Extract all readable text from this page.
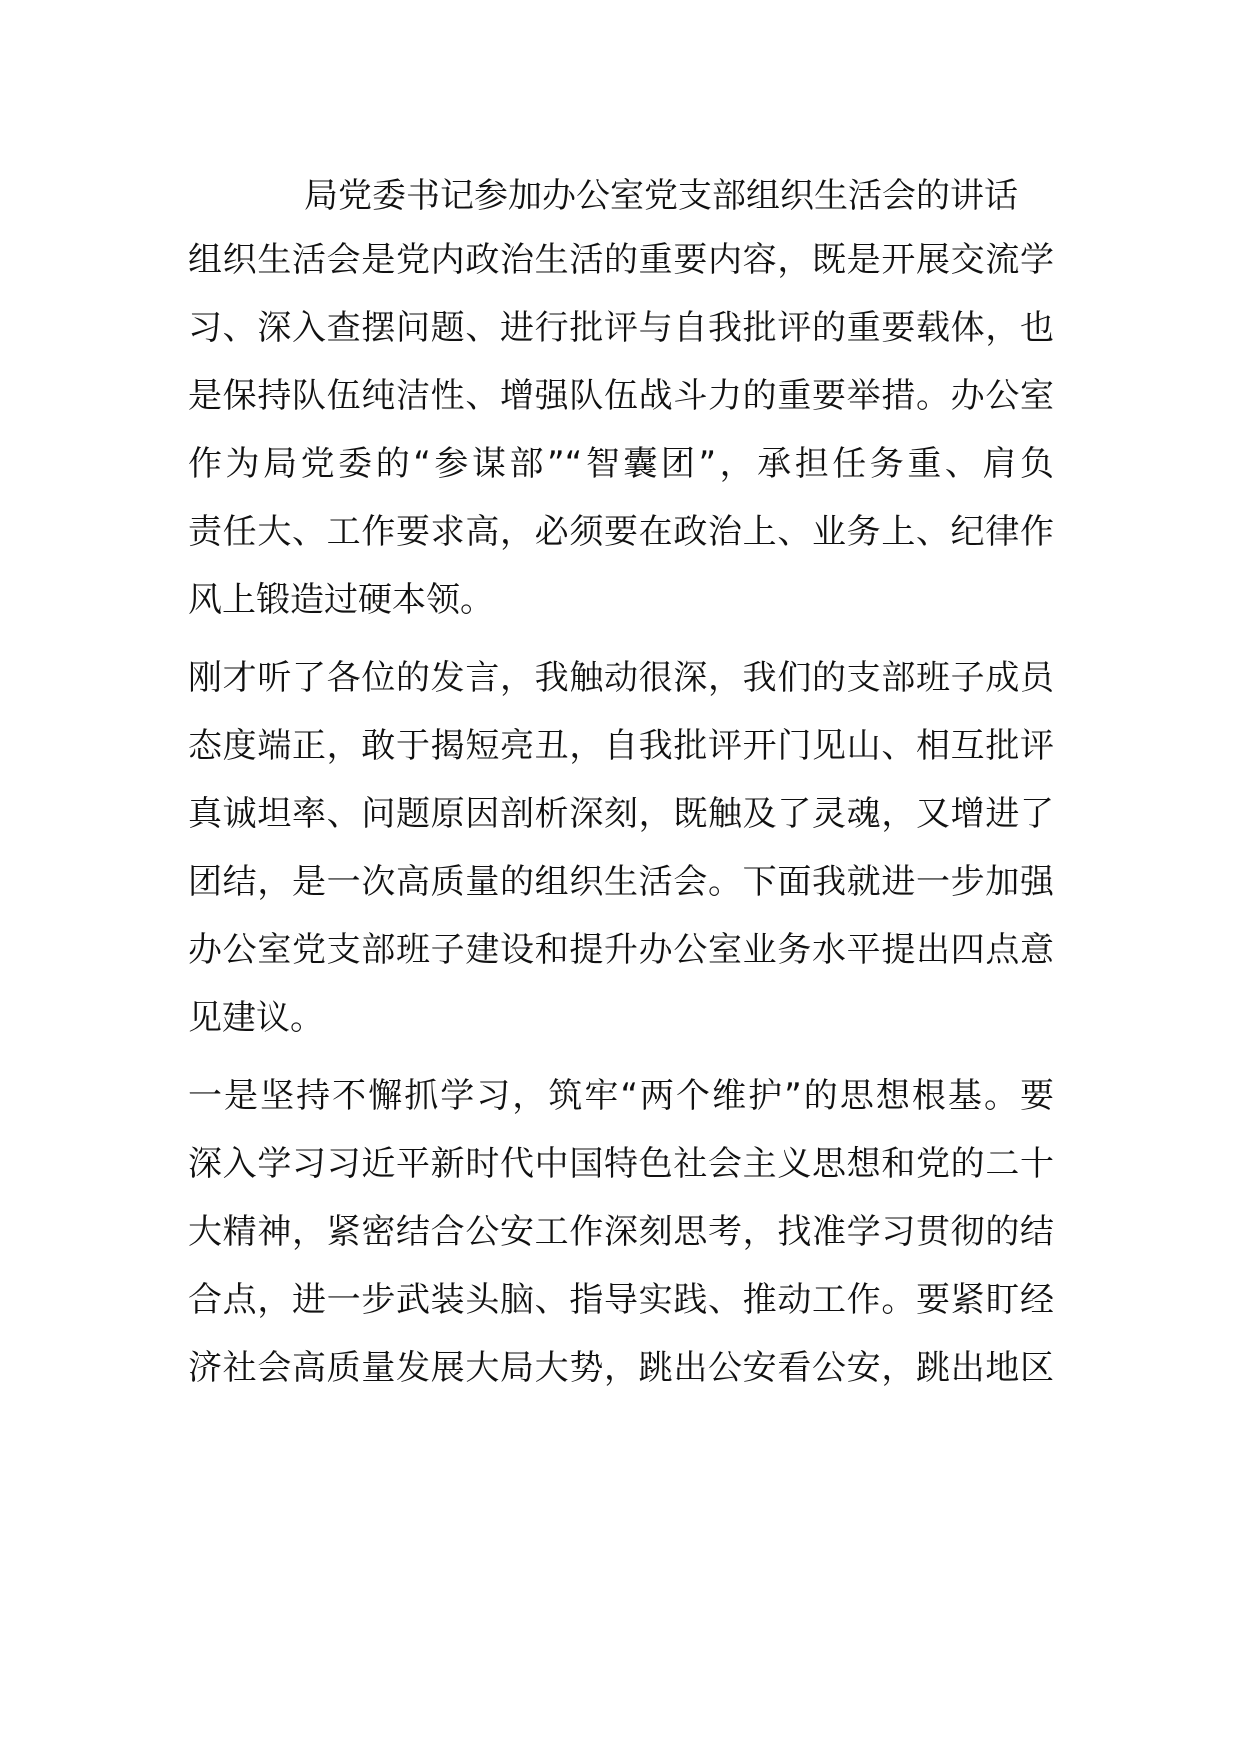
局党委书记参加办公室党支部组织生活会的讲话
组织生活会是党内政治生活的重要内容，既是开展交流学
习、深入查摆问题、进行批评与自我批评的重要载体，也
是保持队伍纯洁性、增强队伍战斗力的重要举措。办公室
作为局党委的“参谋部”“智囊团”，承担任务重、肩负
责任大、工作要求高，必须要在政治上、业务上、纪律作
风上锻造过硬本领。
刚才听了各位的发言，我触动很深，我们的支部班子成员
态度端正，敢于揭短亮丑，自我批评开门见山、相互批评
真诚坦率、问题原因剖析深刻，既触及了灵魂，又增进了
团结，是一次高质量的组织生活会。下面我就进一步加强
办公室党支部班子建设和提升办公室业务水平提出四点意
见建议。
一是坚持不懈抓学习，筑牢“两个维护”的思想根基。要
深入学习习近平新时代中国特色社会主义思想和党的二十
大精神，紧密结合公安工作深刻思考，找准学习贯彻的结
合点，进一步武装头脑、指导实践、推动工作。要紧盯经
济社会高质量发展大局大势，跳出公安看公安，跳出地区
